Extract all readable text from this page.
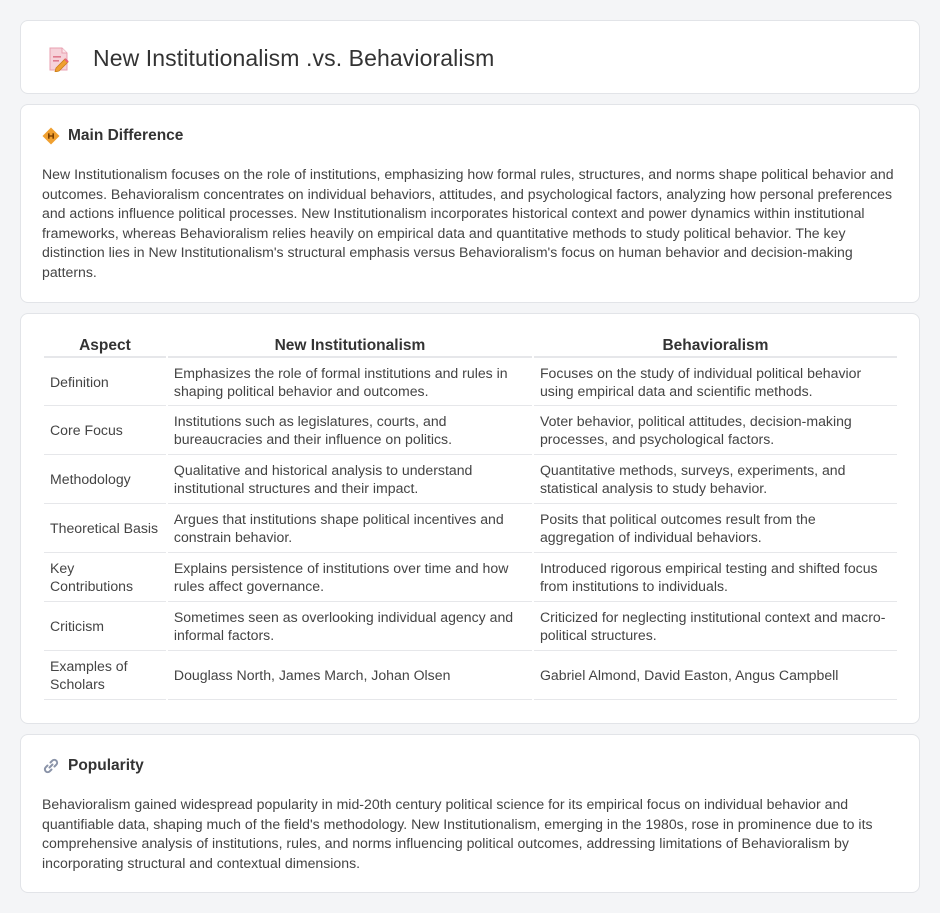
New Institutionalism .vs. Behavioralism
Main Difference

New Institutionalism focuses on the role of institutions, emphasizing how formal rules, structures, and norms shape political behavior and outcomes. Behavioralism concentrates on individual behaviors, attitudes, and psychological factors, analyzing how personal preferences and actions influence political processes. New Institutionalism incorporates historical context and power dynamics within institutional frameworks, whereas Behavioralism relies heavily on empirical data and quantitative methods to study political behavior. The key distinction lies in New Institutionalism's structural emphasis versus Behavioralism's focus on human behavior and decision-making patterns.

Aspect	New Institutionalism	Behavioralism
Definition	Emphasizes the role of formal institutions and rules in shaping political behavior and outcomes.	Focuses on the study of individual political behavior using empirical data and scientific methods.
Core Focus	Institutions such as legislatures, courts, and bureaucracies and their influence on politics.	Voter behavior, political attitudes, decision-making processes, and psychological factors.
Methodology	Qualitative and historical analysis to understand institutional structures and their impact.	Quantitative methods, surveys, experiments, and statistical analysis to study behavior.
Theoretical Basis	Argues that institutions shape political incentives and constrain behavior.	Posits that political outcomes result from the aggregation of individual behaviors.
Key Contributions	Explains persistence of institutions over time and how rules affect governance.	Introduced rigorous empirical testing and shifted focus from institutions to individuals.
Criticism	Sometimes seen as overlooking individual agency and informal factors.	Criticized for neglecting institutional context and macro-political structures.
Examples of Scholars	Douglass North, James March, Johan Olsen	Gabriel Almond, David Easton, Angus Campbell
Popularity

Behavioralism gained widespread popularity in mid-20th century political science for its empirical focus on individual behavior and quantifiable data, shaping much of the field's methodology. New Institutionalism, emerging in the 1980s, rose in prominence due to its comprehensive analysis of institutions, rules, and norms influencing political outcomes, addressing limitations of Behavioralism by incorporating structural and contextual dimensions.
